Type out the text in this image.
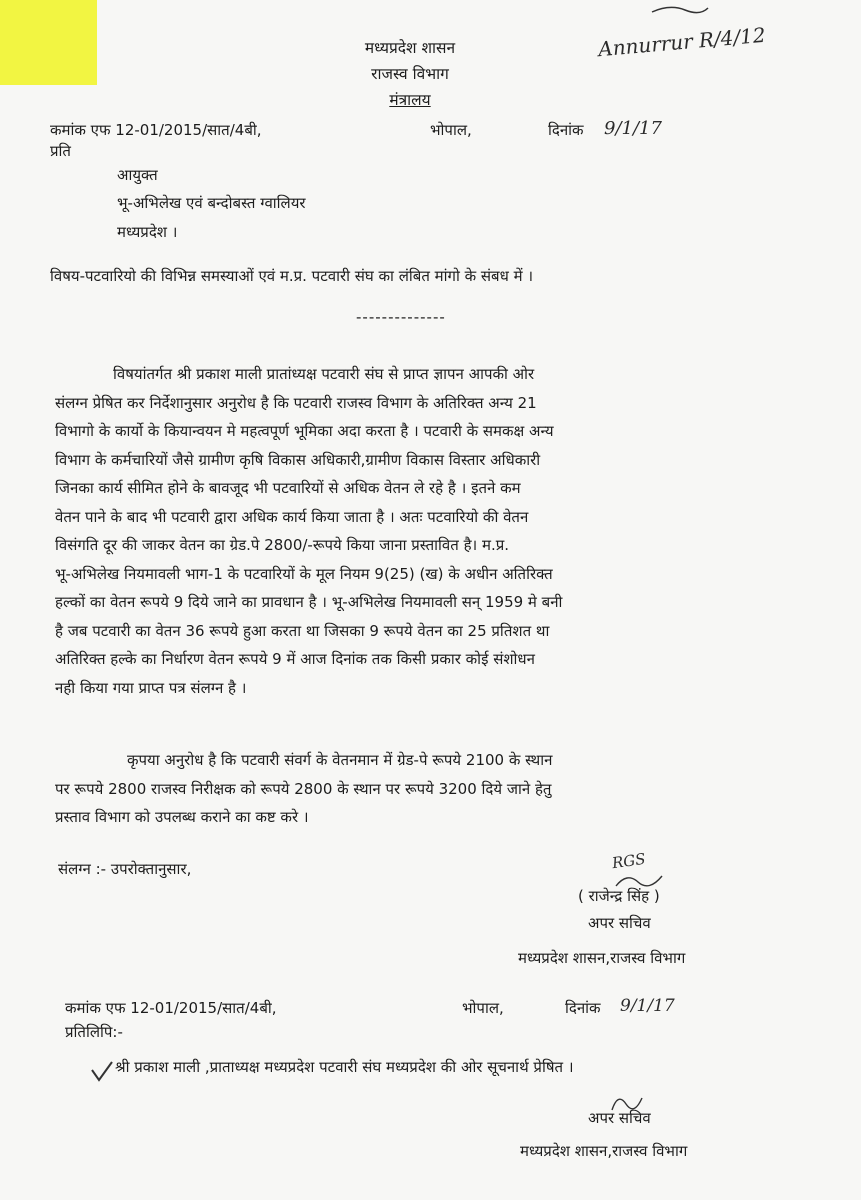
मध्यप्रदेश शासन
राजस्व विभाग
मंत्रालय
Annurrur R/4/12
कमांक एफ 12-01/2015/सात/4बी,	भोपाल,	दिनांक 9/1/17
प्रति
आयुक्त
भू-अभिलेख एवं बन्दोबस्त ग्वालियर
मध्यप्रदेश ।
विषय-पटवारियो की विभिन्न समस्याओं एवं म.प्र. पटवारी संघ का लंबित मांगो के संबध में ।
--------------
विषयांतर्गत श्री प्रकाश माली प्रातांध्यक्ष पटवारी संघ से प्राप्त ज्ञापन आपकी ओर
संलग्न प्रेषित कर निर्देशानुसार अनुरोध है कि पटवारी राजस्व विभाग के अतिरिक्त अन्य 21
विभागो के कार्यो के कियान्वयन मे महत्वपूर्ण भूमिका अदा करता है । पटवारी के समकक्ष अन्य
विभाग के कर्मचारियों जैसे ग्रामीण कृषि विकास अधिकारी,ग्रामीण विकास विस्तार अधिकारी
जिनका कार्य सीमित होने के बावजूद भी पटवारियों से अधिक वेतन ले रहे है । इतने कम
वेतन पाने के बाद भी पटवारी द्वारा अधिक कार्य किया जाता है । अतः पटवारियो की वेतन
विसंगति दूर की जाकर वेतन का ग्रेड.पे 2800/-रूपये किया जाना प्रस्तावित है। म.प्र.
भू-अभिलेख नियमावली भाग-1 के पटवारियों के मूल नियम 9(25) (ख) के अधीन अतिरिक्त
हल्कों का वेतन रूपये 9 दिये जाने का प्रावधान है । भू-अभिलेख नियमावली सन् 1959 मे बनी
है जब पटवारी का वेतन 36 रूपये हुआ करता था जिसका 9 रूपये वेतन का 25 प्रतिशत था
अतिरिक्त हल्के का निर्धारण वेतन रूपये 9 में आज दिनांक तक किसी प्रकार कोई संशोधन
नही किया गया प्राप्त पत्र संलग्न है ।
कृपया अनुरोध है कि पटवारी संवर्ग के वेतनमान में ग्रेड-पे रूपये 2100 के स्थान
पर रूपये 2800 राजस्व निरीक्षक को रूपये 2800 के स्थान पर रूपये 3200 दिये जाने हेतु
प्रस्ताव विभाग को उपलब्ध कराने का कष्ट करे ।
संलग्न :- उपरोक्तानुसार,	RGS
( राजेन्द्र सिंह )
अपर सचिव
मध्यप्रदेश शासन,राजस्व विभाग
कमांक एफ 12-01/2015/सात/4बी,	भोपाल,	दिनांक 9/1/17
प्रतिलिपि:-
श्री प्रकाश माली ,प्राताध्यक्ष मध्यप्रदेश पटवारी संघ मध्यप्रदेश की ओर सूचनार्थ प्रेषित ।
अपर सचिव
मध्यप्रदेश शासन,राजस्व विभाग
